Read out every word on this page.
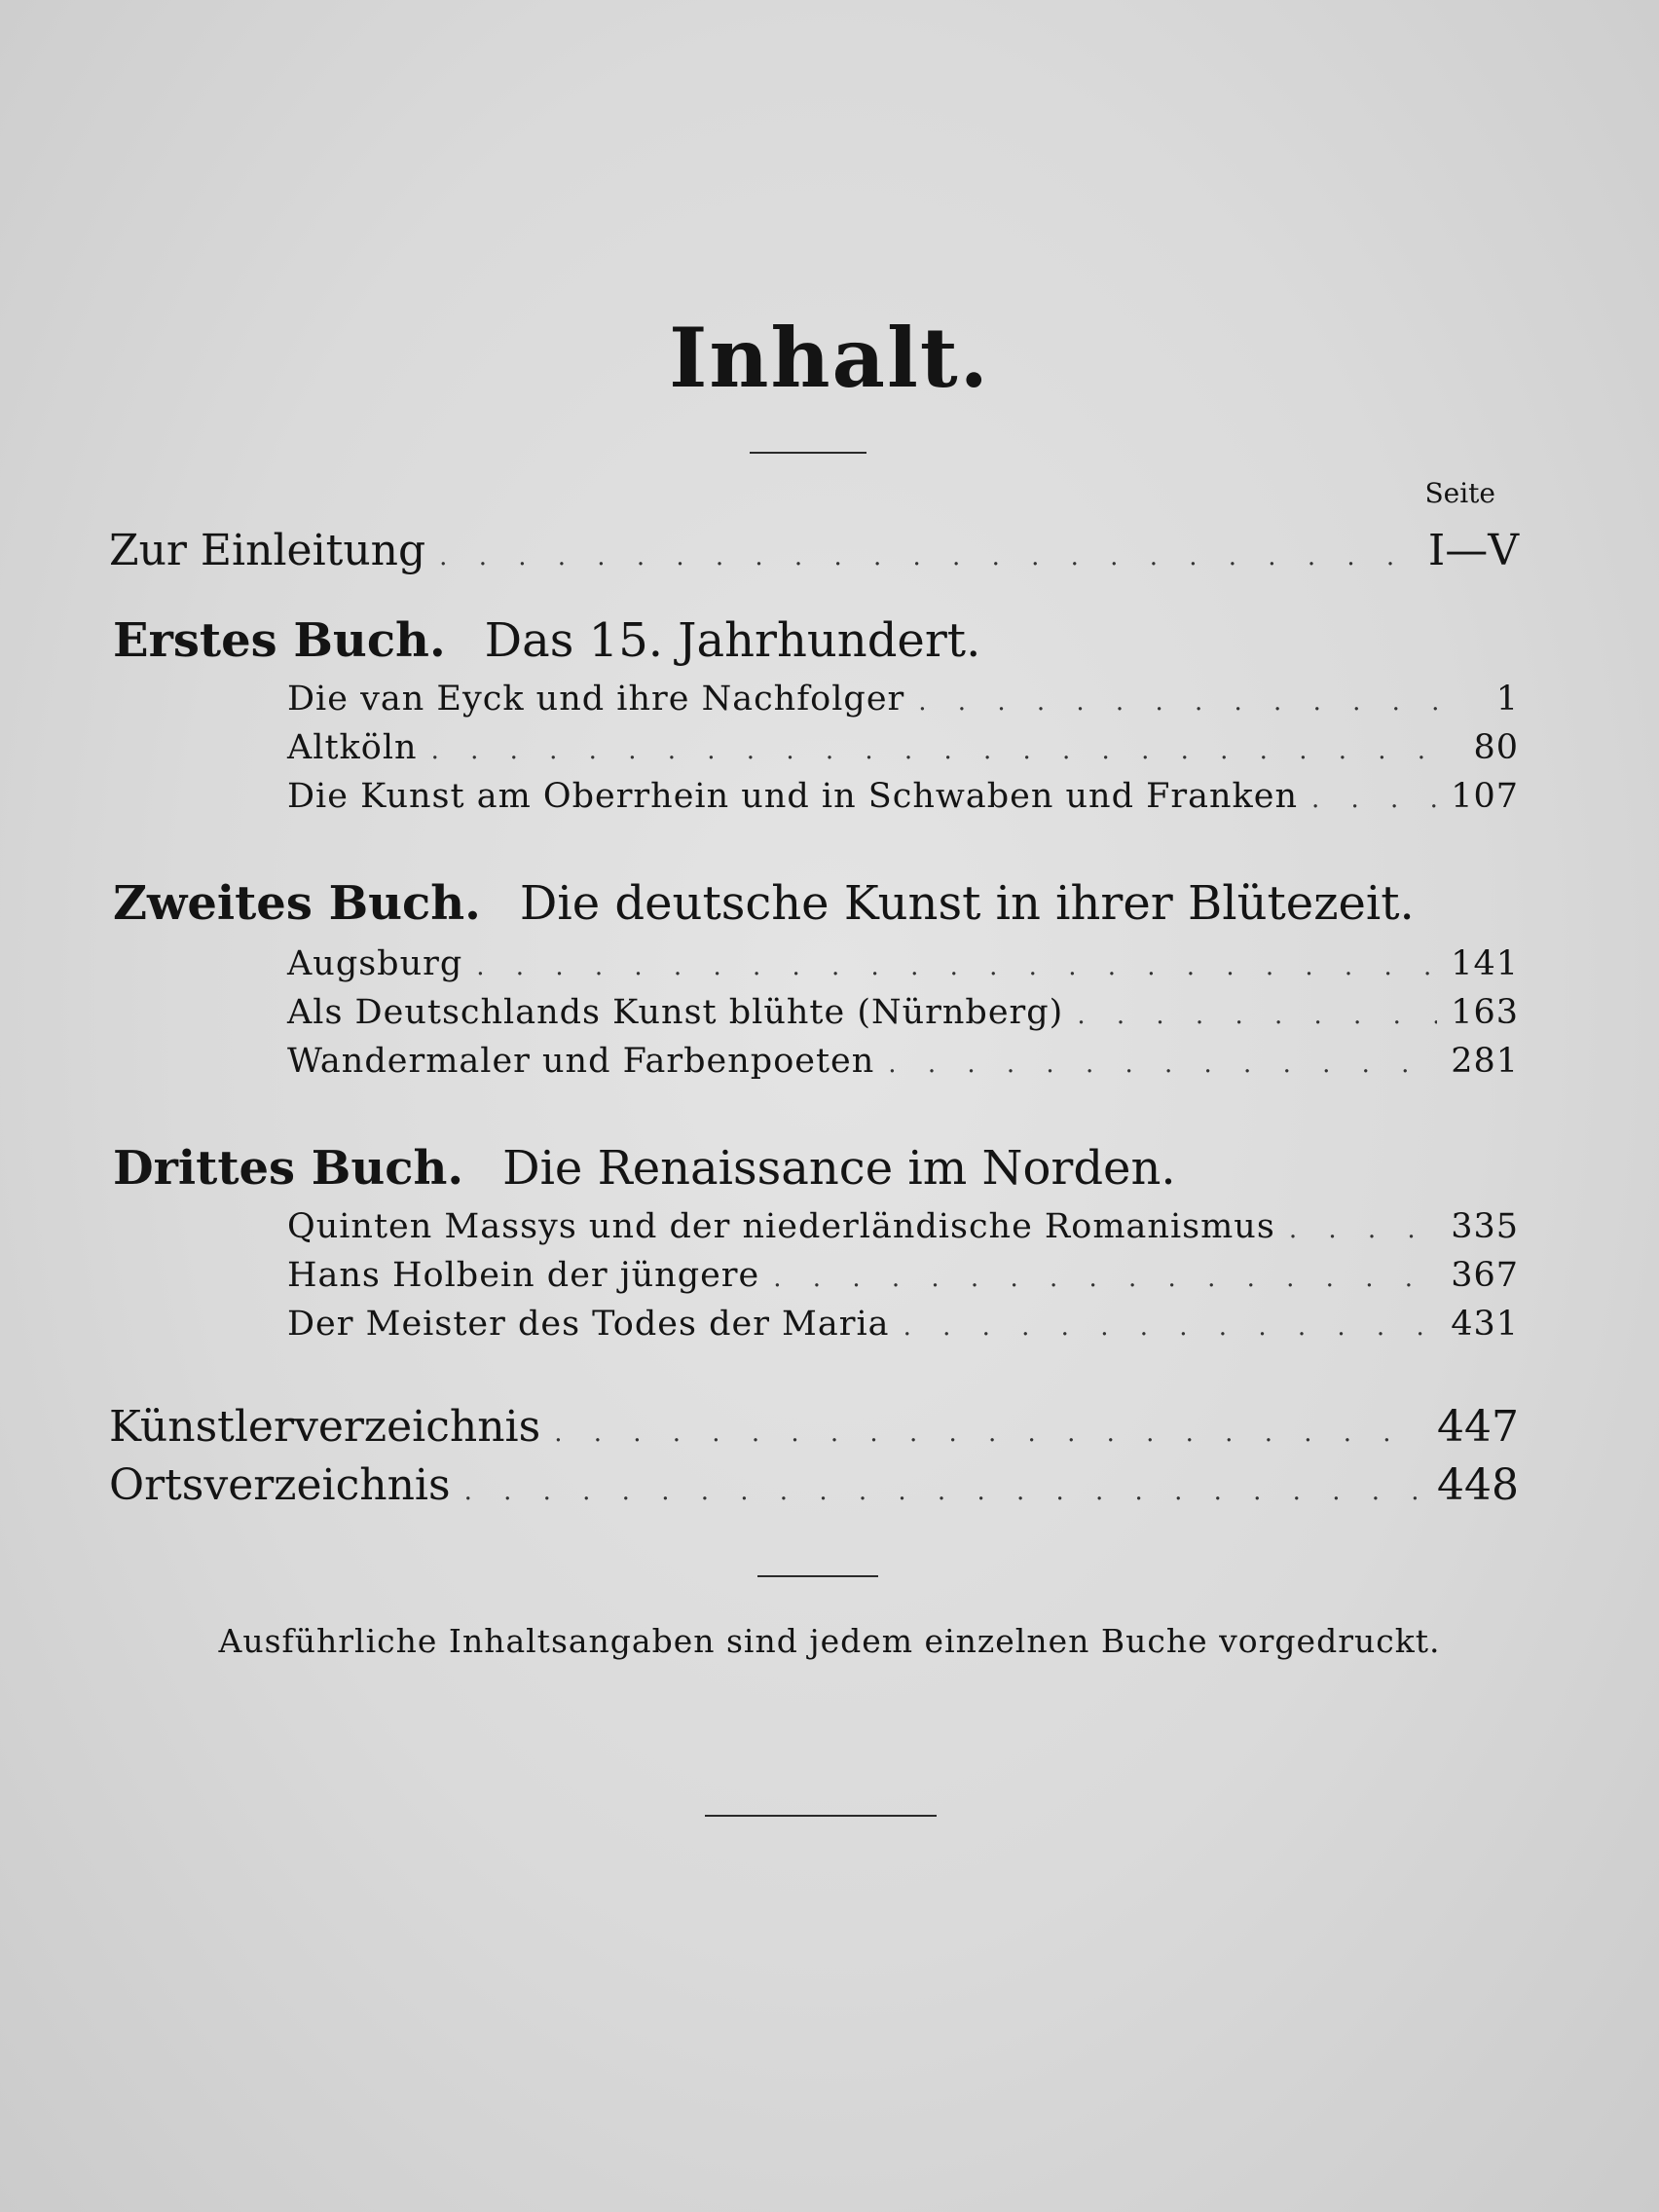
Inhalt.
Seite
Zur Einleitung . . .	I—V
Erstes Buch. Das 15. Jahrhundert.
Die van Eyck und ihre Nachfolger . . .	1
Altköln . . .	80
Die Kunst am Oberrhein und in Schwaben und Franken . . .	107
Zweites Buch. Die deutsche Kunst in ihrer Blütezeit.
Augsburg . . .	141
Als Deutschlands Kunst blühte (Nürnberg) . . .	163
Wandermaler und Farbenpoeten . . .	281
Drittes Buch. Die Renaissance im Norden.
Quinten Massys und der niederländische Romanismus . . .	335
Hans Holbein der jüngere . . .	367
Der Meister des Todes der Maria . . .	431
Künstlerverzeichnis . . .	447
Ortsverzeichnis . . .	448
Ausführliche Inhaltsangaben sind jedem einzelnen Buche vorgedruckt.
